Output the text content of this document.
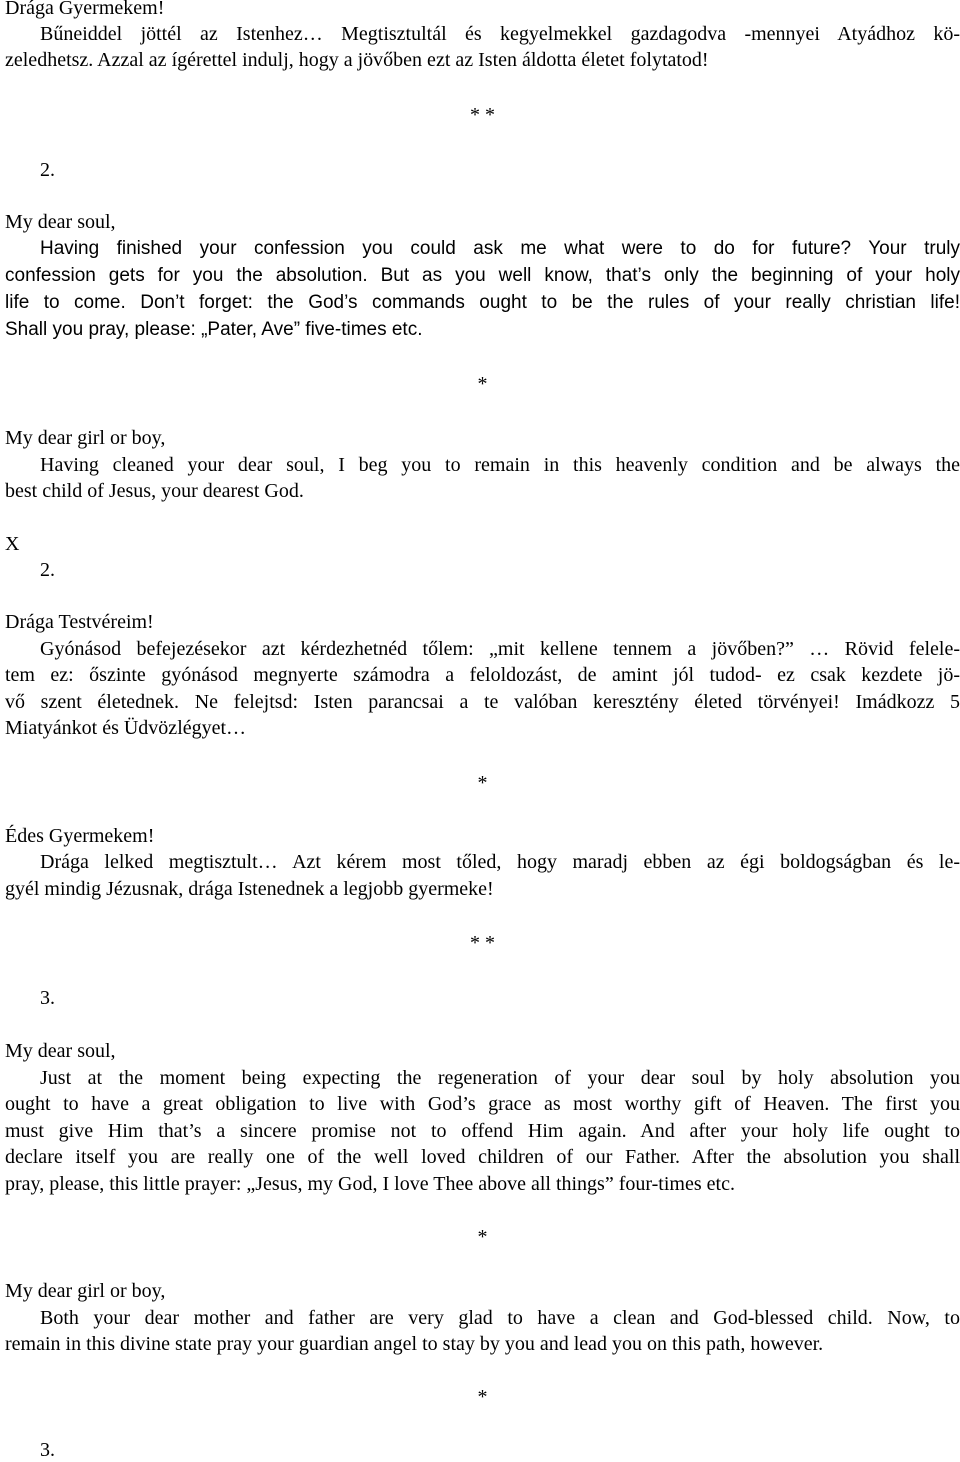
Drága Gyermekem!
Bűneiddel jöttél az Istenhez… Megtisztultál és kegyelmekkel gazdagodva -mennyei Atyádhoz kö-
zeledhetsz. Azzal az ígérettel indulj, hogy a jövőben ezt az Isten áldotta életet folytatod!
* *
2.
My dear soul,
Having finished your confession you could ask me what were to do for future? Your truly
confession gets for you the absolution. But as you well know, that’s only the beginning of your holy
life to come. Don’t forget: the God’s commands ought to be the rules of your really christian life!
Shall you pray, please: „Pater, Ave” five-times etc.
*
My dear girl or boy,
Having cleaned your dear soul, I beg you to remain in this heavenly condition and be always the
best child of Jesus, your dearest God.
X
2.
Drága Testvéreim!
Gyónásod befejezésekor azt kérdezhetnéd tőlem: „mit kellene tennem a jövőben?” … Rövid felele-
tem ez: őszinte gyónásod megnyerte számodra a feloldozást, de amint jól tudod- ez csak kezdete jö-
vő szent életednek. Ne felejtsd: Isten parancsai a te valóban keresztény életed törvényei! Imádkozz 5
Miatyánkot és Üdvözlégyet…
*
Édes Gyermekem!
Drága lelked megtisztult… Azt kérem most tőled, hogy maradj ebben az égi boldogságban és le-
gyél mindig Jézusnak, drága Istenednek a legjobb gyermeke!
* *
3.
My dear soul,
Just at the moment being expecting the regeneration of your dear soul by holy absolution you
ought to have a great obligation to live with God’s grace as most worthy gift of Heaven. The first you
must give Him that’s a sincere promise not to offend Him again. And after your holy life ought to
declare itself you are really one of the well loved children of our Father. After the absolution you shall
pray, please, this little prayer: „Jesus, my God, I love Thee above all things” four-times etc.
*
My dear girl or boy,
Both your dear mother and father are very glad to have a clean and God-blessed child. Now, to
remain in this divine state pray your guardian angel to stay by you and lead you on this path, however.
*
3.
